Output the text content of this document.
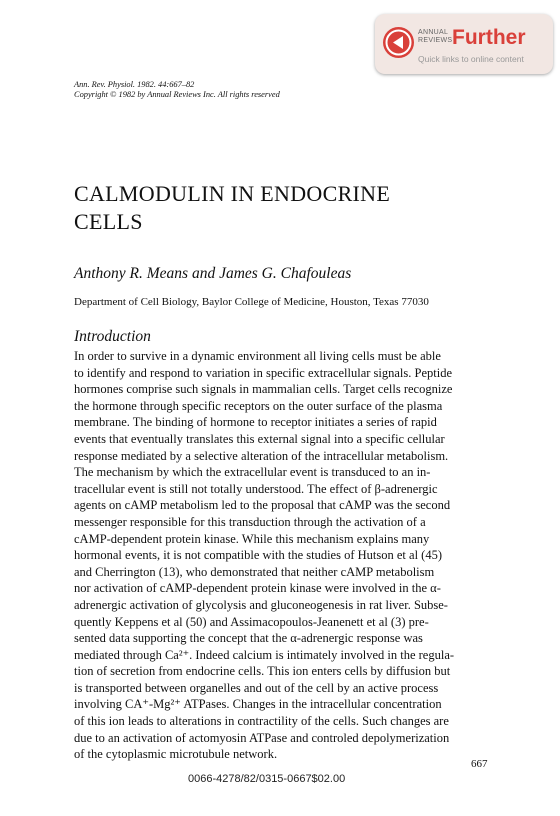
ANNUAL
REVIEWS Further
Quick links to online content
Ann. Rev. Physiol. 1982. 44:667–82
Copyright © 1982 by Annual Reviews Inc. All rights reserved
CALMODULIN IN ENDOCRINE
CELLS
Anthony R. Means and James G. Chafouleas
Department of Cell Biology, Baylor College of Medicine, Houston, Texas 77030
Introduction
In order to survive in a dynamic environment all living cells must be able
to identify and respond to variation in specific extracellular signals. Peptide
hormones comprise such signals in mammalian cells. Target cells recognize
the hormone through specific receptors on the outer surface of the plasma
membrane. The binding of hormone to receptor initiates a series of rapid
events that eventually translates this external signal into a specific cellular
response mediated by a selective alteration of the intracellular metabolism.
The mechanism by which the extracellular event is transduced to an in-
tracellular event is still not totally understood. The effect of β-adrenergic
agents on cAMP metabolism led to the proposal that cAMP was the second
messenger responsible for this transduction through the activation of a
cAMP-dependent protein kinase. While this mechanism explains many
hormonal events, it is not compatible with the studies of Hutson et al (45)
and Cherrington (13), who demonstrated that neither cAMP metabolism
nor activation of cAMP-dependent protein kinase were involved in the α-
adrenergic activation of glycolysis and gluconeogenesis in rat liver. Subse-
quently Keppens et al (50) and Assimacopoulos-Jeanenett et al (3) pre-
sented data supporting the concept that the α-adrenergic response was
mediated through Ca²⁺. Indeed calcium is intimately involved in the regula-
tion of secretion from endocrine cells. This ion enters cells by diffusion but
is transported between organelles and out of the cell by an active process
involving CA⁺-Mg²⁺ ATPases. Changes in the intracellular concentration
of this ion leads to alterations in contractility of the cells. Such changes are
due to an activation of actomyosin ATPase and controled depolymerization
of the cytoplasmic microtubule network.
667
0066-4278/82/0315-0667$02.00
